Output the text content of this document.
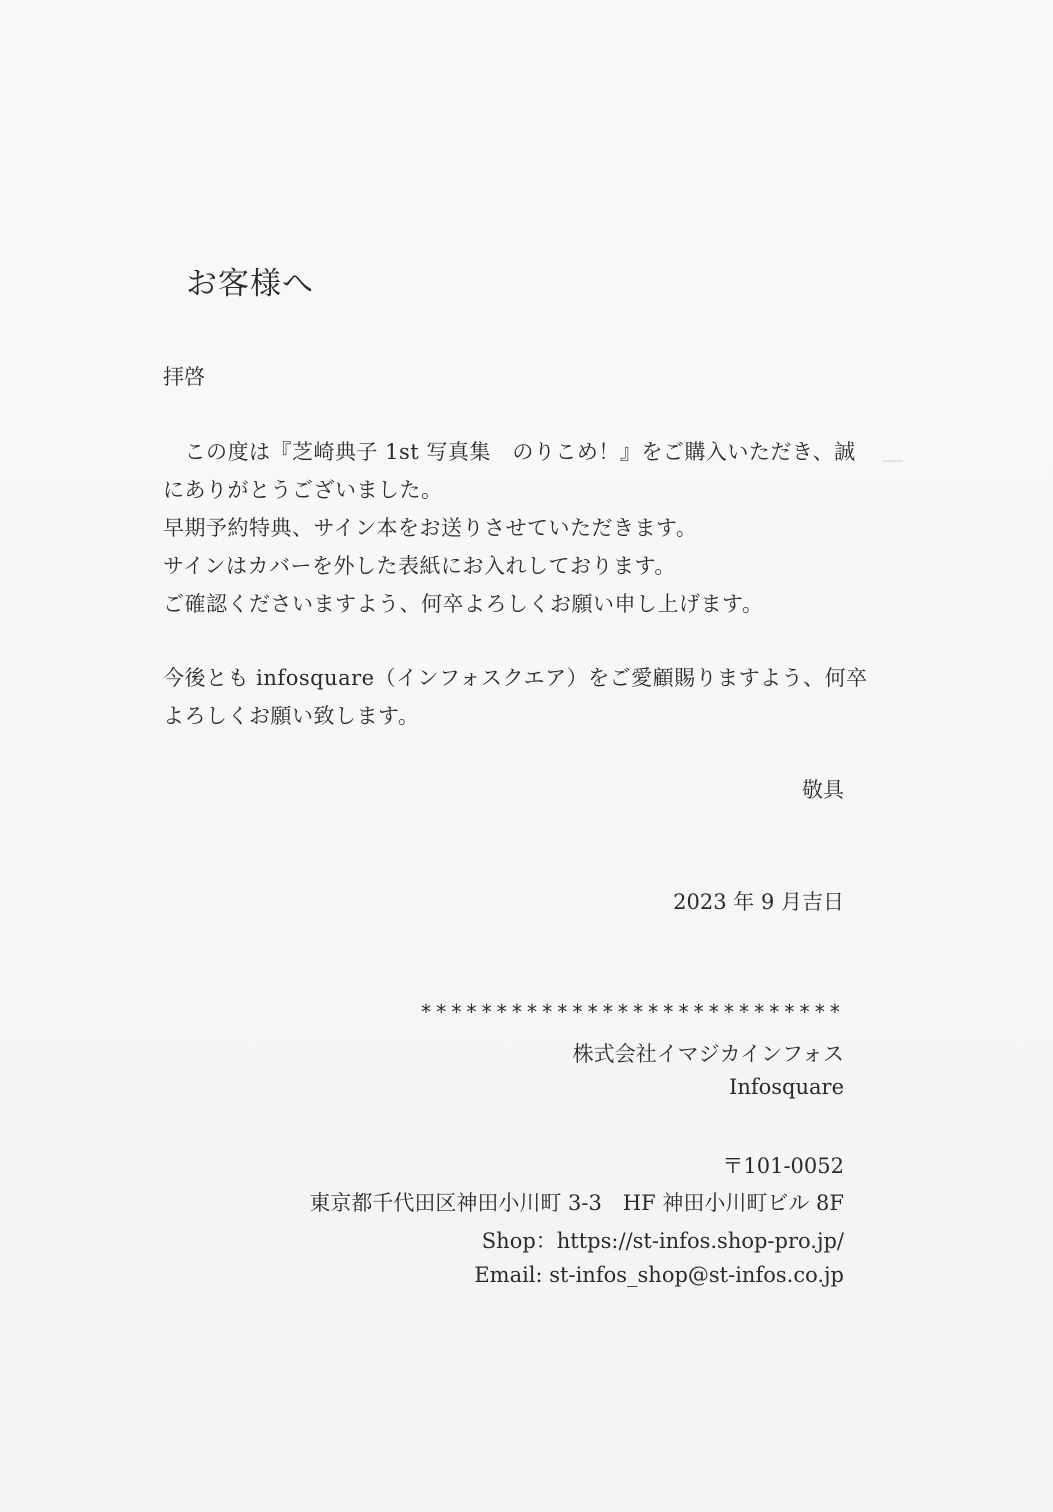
お客様へ
拝啓
　この度は『芝崎典子 1st 写真集　のりこめ！』をご購入いただき、誠
にありがとうございました。
早期予約特典、サイン本をお送りさせていただきます。
サインはカバーを外した表紙にお入れしております。
ご確認くださいますよう、何卒よろしくお願い申し上げます。
今後とも infosquare（インフォスクエア）をご愛顧賜りますよう、何卒
よろしくお願い致します。
敬具
2023 年 9 月吉日
****************************
株式会社イマジカインフォス
Infosquare
〒101-0052
東京都千代田区神田小川町 3-3　HF 神田小川町ビル 8F
Shop：https://st-infos.shop-pro.jp/
Email: st-infos_shop@st-infos.co.jp
